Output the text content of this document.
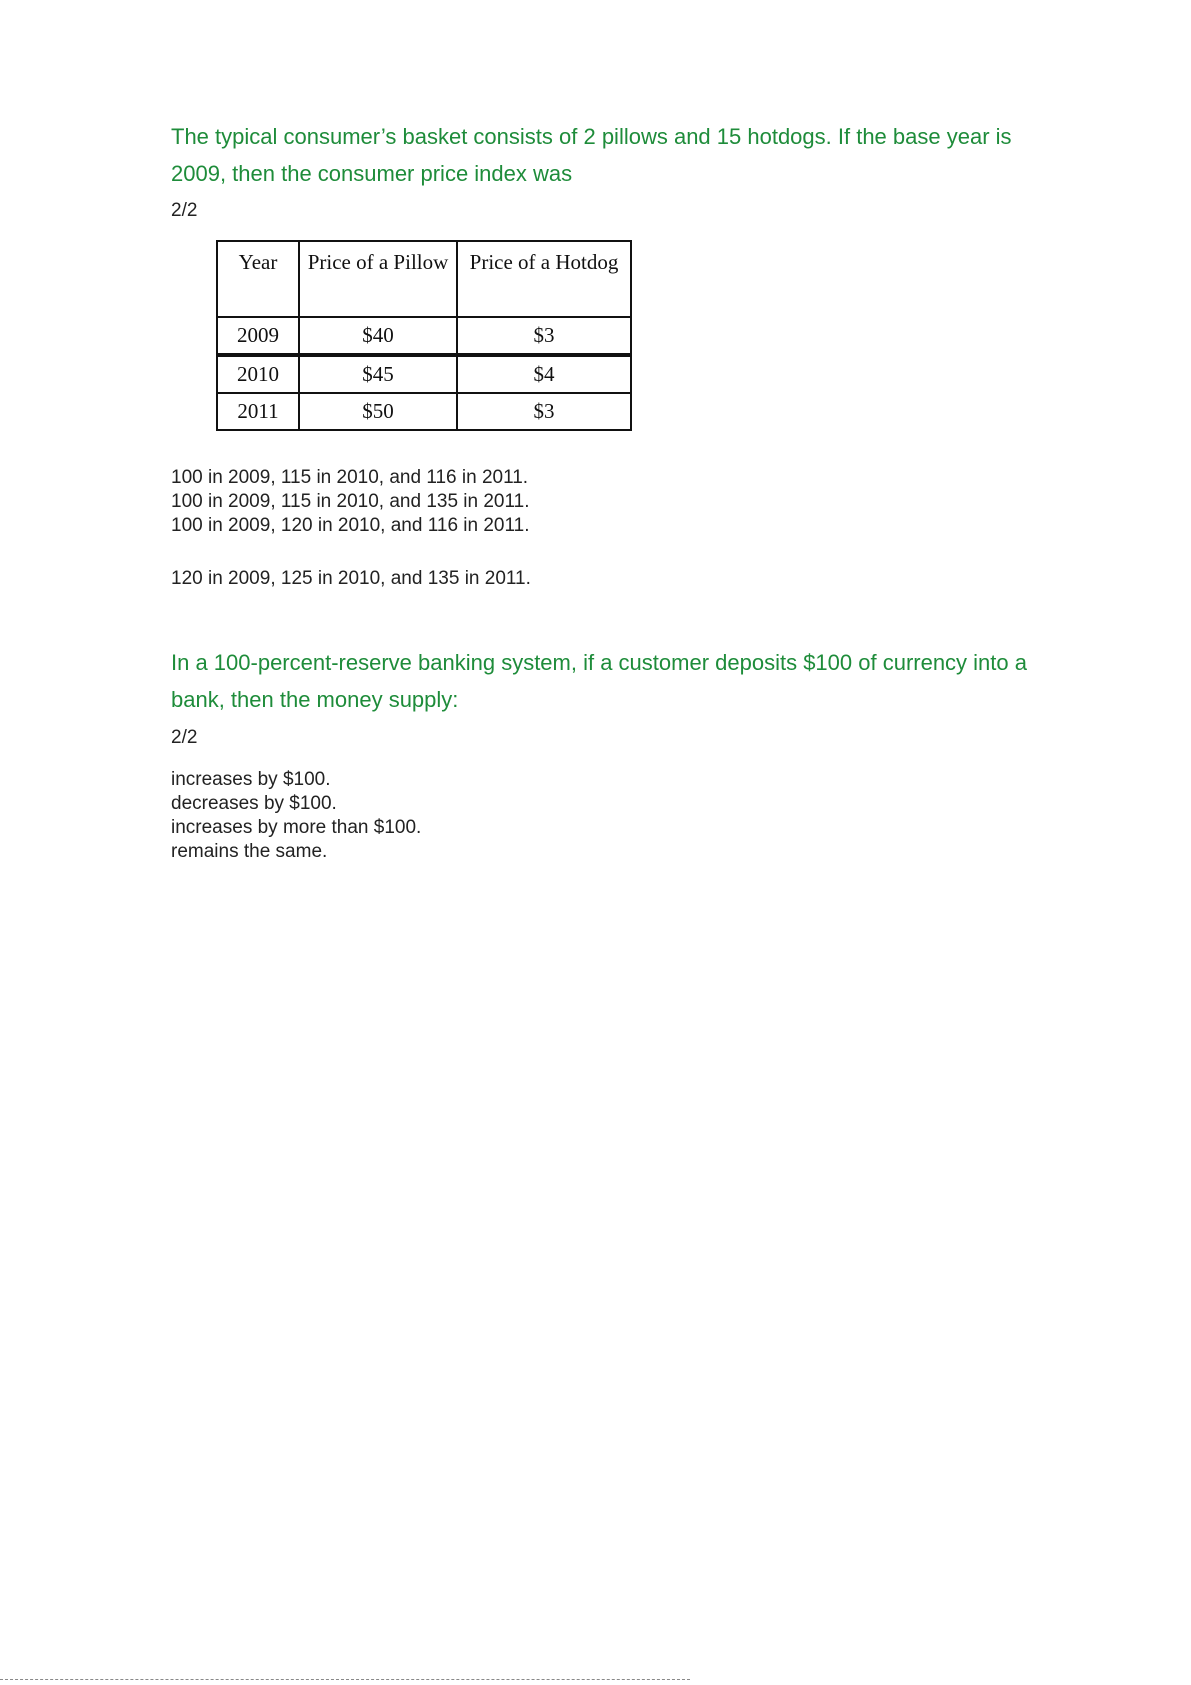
The typical consumer’s basket consists of 2 pillows and 15 hotdogs. If the base year is 2009, then the consumer price index was

2/2
Year	Price of a Pillow	Price of a Hotdog
2009	$40	$3
2010	$45	$4
2011	$50	$3
100 in 2009, 115 in 2010, and 116 in 2011.
100 in 2009, 115 in 2010, and 135 in 2011.
100 in 2009, 120 in 2010, and 116 in 2011.
120 in 2009, 125 in 2010, and 135 in 2011.

In a 100-percent-reserve banking system, if a customer deposits $100 of currency into a bank, then the money supply:

2/2
increases by $100.
decreases by $100.
increases by more than $100.
remains the same.
